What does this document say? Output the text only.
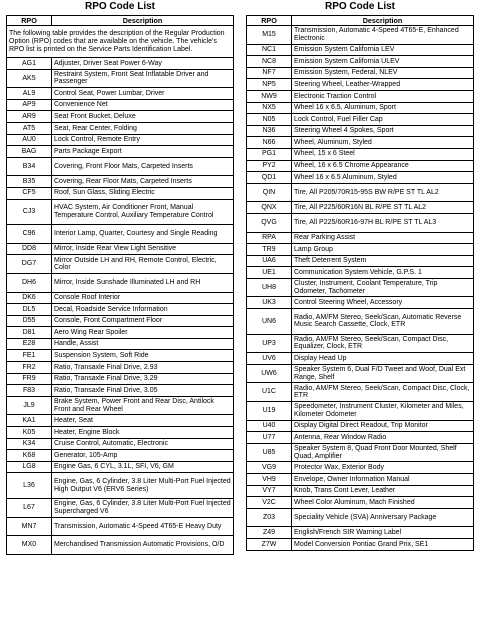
RPO Code List
RPO	Description
The following table provides the description of the Regular Production Option (RPO) codes that are available on the vehicle. The vehicle's RPO list is printed on the Service Parts Identification Label.	
AG1	Adjuster, Driver Seat Power 6-Way
AK5	Restraint System, Front Seat Inflatable Driver and Passenger
AL9	Control Seat, Power Lumbar, Driver
AP9	Convenience Net
AR9	Seat Front Bucket, Deluxe
AT5	Seat, Rear Center, Folding
AU0	Lock Control, Remote Entry
BAG	Parts Package Export
B34	Covering, Front Floor Mats, Carpeted Inserts
B35	Covering, Rear Floor Mats, Carpeted Inserts
CF5	Roof, Sun Glass, Sliding Electric
CJ3	HVAC System, Air Conditioner Front, Manual Temperature Control, Auxiliary Temperature Control
C96	Interior Lamp, Quarter, Courtesy and Single Reading
DD8	Mirror, Inside Rear View Light Sensitive
DG7	Mirror Outside LH and RH, Remote Control, Electric, Color
DH6	Mirror, Inside Sunshade Illuminated LH and RH
DK6	Console Roof Interior
DL5	Decal, Roadside Service Information
D55	Console, Front Compartment Floor
D81	Aero Wing Rear Spoiler
E28	Handle, Assist
FE1	Suspension System, Soft Ride
FR2	Ratio, Transaxle Final Drive, 2.93
FR9	Ratio, Transaxle Final Drive, 3.29
F83	Ratio, Transaxle Final Drive, 3.05
JL9	Brake System, Power Front and Rear Disc, Antilock Front and Rear Wheel
KA1	Heater, Seat
K05	Heater, Engine Block
K34	Cruise Control, Automatic, Electronic
K68	Generator, 105-Amp
LG8	Engine Gas, 6 CYL, 3.1L, SFI, V6, GM
L36	Engine, Gas, 6 Cylinder, 3.8 Liter Multi-Port Fuel Injected High Output V6 (ERV6 Series)
L67	Engine, Gas, 6 Cylinder, 3.8 Liter Multi-Port Fuel Injected Supercharged V6
MN7	Transmission, Automatic 4-Speed 4T65-E Heavy Duty
MX0	Merchandised Transmission Automatic Provisions, O/D
RPO Code List
RPO	Description
M15	Transmission, Automatic 4-Speed 4T65-E, Enhanced Electronic
NC1	Emission System California LEV
NC8	Emission System California ULEV
NF7	Emission System, Federal, NLEV
NP5	Steering Wheel, Leather-Wrapped
NW9	Electronic Traction Control
NX5	Wheel 16 x 6.5, Aluminum, Sport
N05	Lock Control, Fuel Filler Cap
N36	Steering Wheel 4 Spokes, Sport
N66	Wheel, Aluminum, Styled
PG1	Wheel, 15 x 6 Steel
PY2	Wheel, 16 x 6.5 Chrome Appearance
QD1	Wheel 16 x 6.5 Aluminum, Styled
QIN	Tire, All P205/70R15-95S BW R/PE ST TL AL2
QNX	Tire, All P225/60R16N BL R/PE ST TL AL2
QVG	Tire, All P225/60R16-97H BL R/PE ST TL AL3
RPA	Rear Parking Assist
TR9	Lamp Group
UA6	Theft Deterrent System
UE1	Communication System Vehicle, G.P.S. 1
UH8	Cluster, Instrument, Coolant Temperature, Trip Odometer, Tachometer
UK3	Control Steering Wheel, Accessory
UN6	Radio, AM/FM Stereo, Seek/Scan, Automatic Reverse Music Search Cassette, Clock, ETR
UP3	Radio, AM/FM Stereo, Seek/Scan, Compact Disc, Equalizer, Clock, ETR
UV6	Display Head Up
UW6	Speaker System 6, Dual F/D Tweet and Woof, Dual Ext Range, Shelf
U1C	Radio, AM/FM Stereo, Seek/Scan, Compact Disc, Clock, ETR
U19	Speedometer, Instrument Cluster, Kilometer and Miles, Kilometer Odometer
U40	Display Digital Direct Readout, Trip Monitor
U77	Antenna, Rear Window Radio
U85	Speaker System 8, Quad Front Door Mounted, Shelf Quad, Amplifier
VG9	Protector Wax, Exterior Body
VH9	Envelope, Owner Information Manual
VY7	Knob, Trans Cont Lever, Leather
V2C	Wheel Color Aluminum, Mach Finished
Z03	Speciality Vehicle (SVA) Anniversary Package
Z49	English/French SIR Warning Label
Z7W	Model Conversion Pontiac Grand Prix, SE1
